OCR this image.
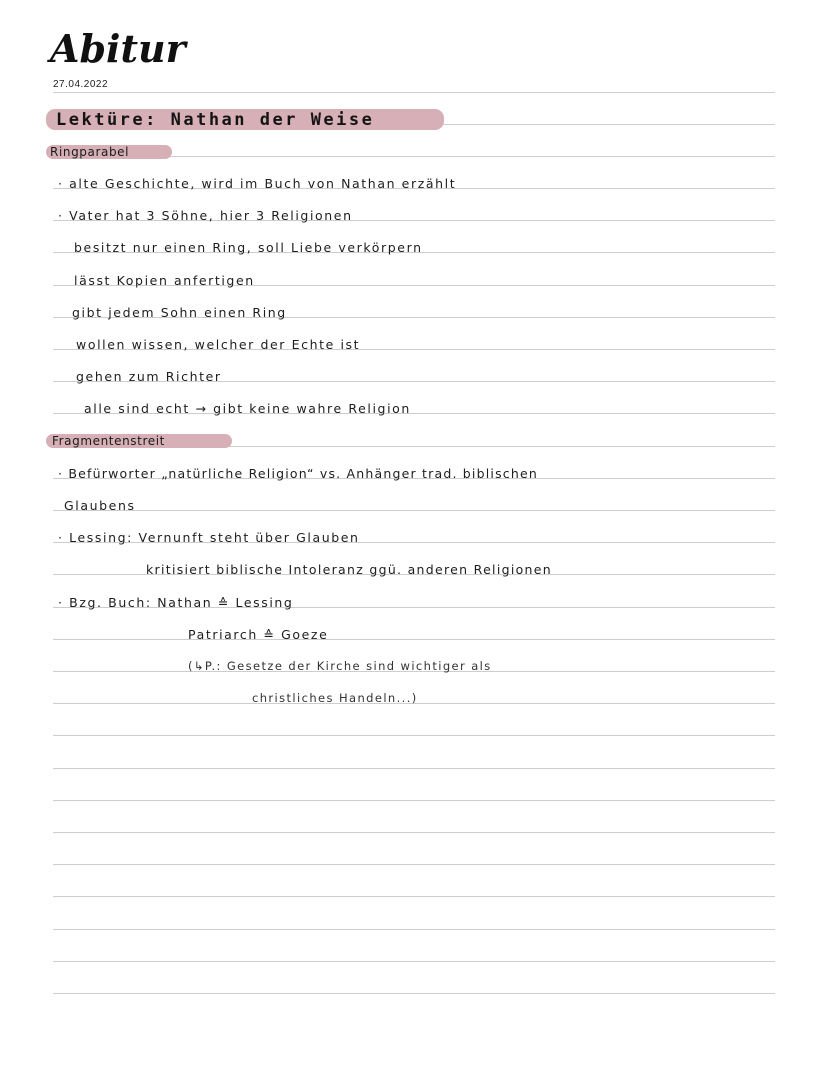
Abitur
27.04.2022
Lektüre: Nathan der Weise
Ringparabel
· alte Geschichte, wird im Buch von Nathan erzählt
· Vater hat 3 Söhne, hier 3 Religionen
besitzt nur einen Ring, soll Liebe verkörpern
lässt Kopien anfertigen
gibt jedem Sohn einen Ring
wollen wissen, welcher der Echte ist
gehen zum Richter
alle sind echt → gibt keine wahre Religion
Fragmentenstreit
· Befürworter „natürliche Religion“ vs. Anhänger trad. biblischen
Glaubens
· Lessing: Vernunft steht über Glauben
kritisiert biblische Intoleranz ggü. anderen Religionen
· Bzg. Buch: Nathan ≙ Lessing
Patriarch ≙ Goeze
(↳P.: Gesetze der Kirche sind wichtiger als
christliches Handeln...)
